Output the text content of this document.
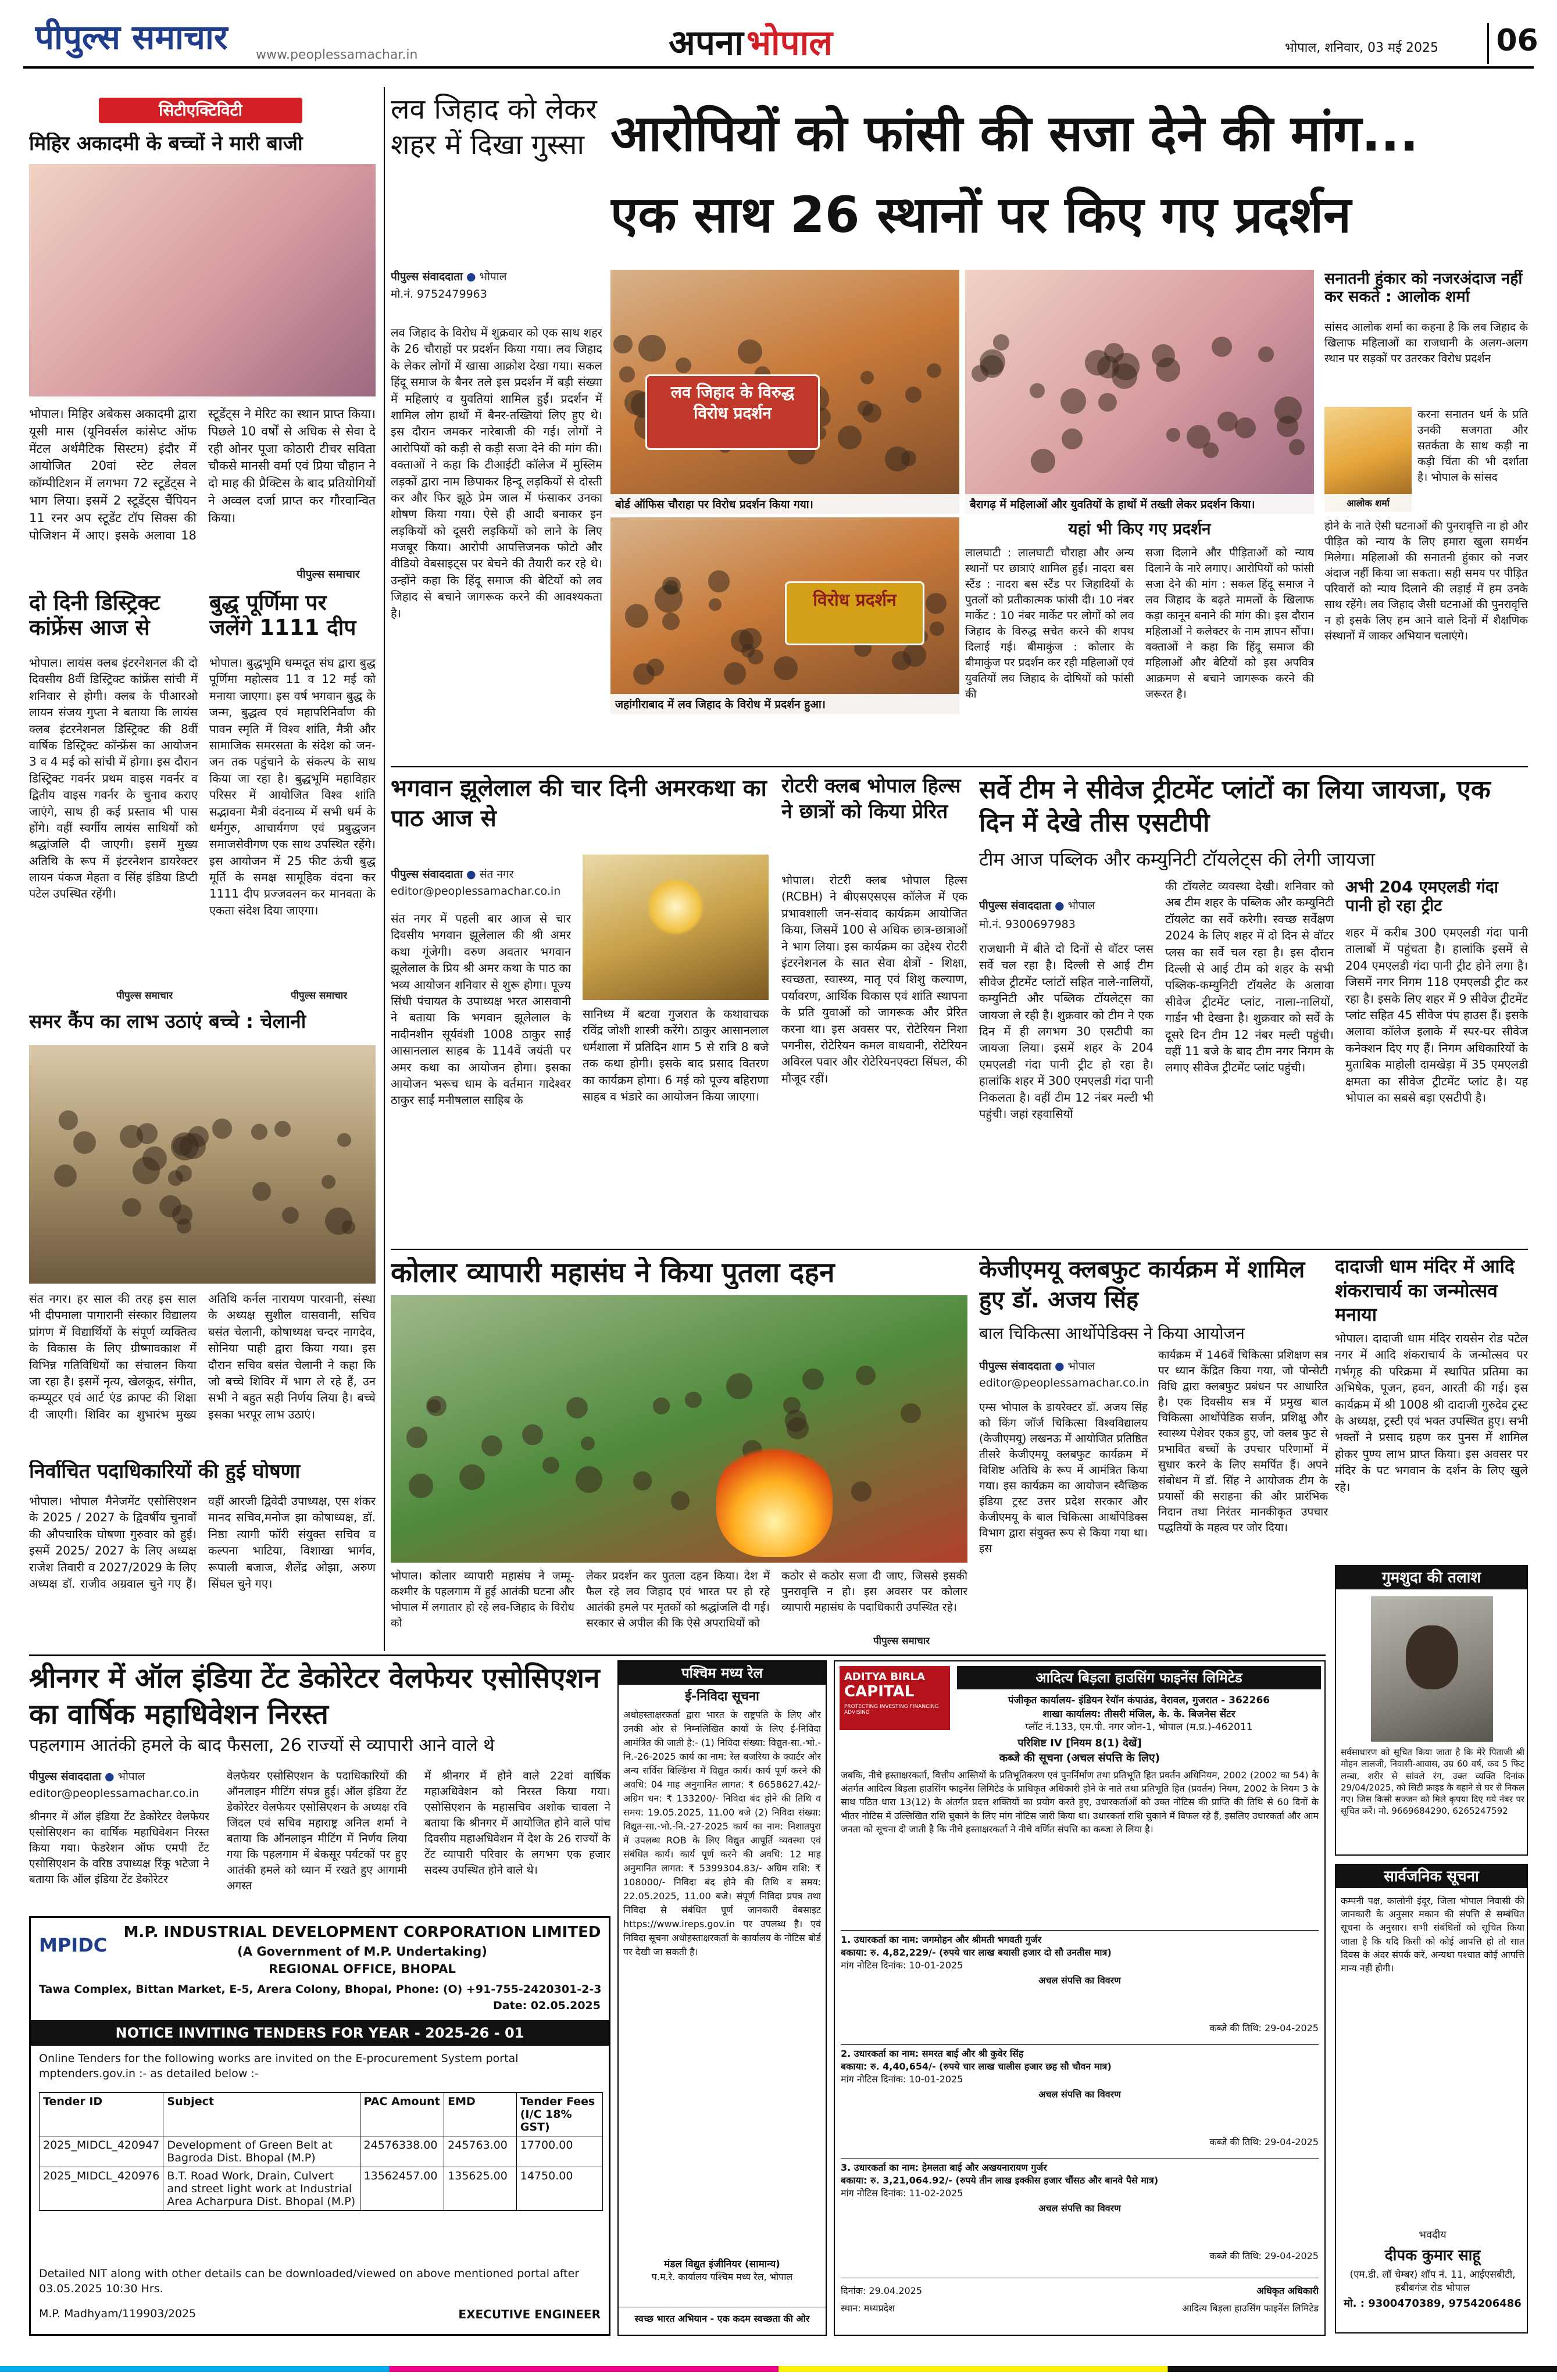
पीपुल्स समाचार	www.peoplessamachar.in	अपना भोपाल	भोपाल, शनिवार, 03 मई 2025 06
सिटीएक्टिविटी
मिहिर अकादमी के बच्चों ने मारी बाजी
भोपाल। मिहिर अबेकस अकादमी द्वारा यूसी मास (यूनिवर्सल कांसेप्ट ऑफ मेंटल अर्थमैटिक सिस्टम) इंदौर में आयोजित 20वां स्टेट लेवल कॉम्पीटिशन में लगभग 72 स्टूडेंट्स ने भाग लिया। इसमें 2 स्टूडेंट्स चैंपियन 11 रनर अप स्टूडेंट टॉप सिक्स की पोजिशन में आए। इसके अलावा 18 स्टूडेंट्स ने मेरिट का स्थान प्राप्त किया। पिछले 10 वर्षों से अधिक से सेवा दे रही ओनर पूजा कोठारी टीचर सविता चौकसे मानसी वर्मा एवं प्रिया चौहान ने दो माह की प्रैक्टिस के बाद प्रतियोगियों ने अव्वल दर्जा प्राप्त कर गौरवान्वित किया।
पीपुल्स समाचार
दो दिनी डिस्ट्रिक्ट कांफ्रेंस आज से
भोपाल। लायंस क्लब इंटरनेशनल की दो दिवसीय 8वीं डिस्ट्रिक्ट कांफ्रेंस सांची में शनिवार से होगी। क्लब के पीआरओ लायन संजय गुप्ता ने बताया कि लायंस क्लब इंटरनेशनल डिस्ट्रिक्ट की 8वीं वार्षिक डिस्ट्रिक्ट कॉन्फ्रेंस का आयोजन 3 व 4 मई को सांची में होगा। इस दौरान डिस्ट्रिक्ट गवर्नर प्रथम वाइस गवर्नर व द्वितीय वाइस गवर्नर के चुनाव कराए जाएंगे, साथ ही कई प्रस्ताव भी पास होंगे। वहीं स्वर्गीय लायंस साथियों को श्रद्धांजलि दी जाएगी। इसमें मुख्य अतिथि के रूप में इंटरनेशन डायरेक्टर लायन पंकज मेहता व सिंह इंडिया डिप्टी पटेल उपस्थित रहेंगी।
पीपुल्स समाचार
बुद्ध पूर्णिमा पर जलेंगे 1111 दीप
भोपाल। बुद्धभूमि धम्मदूत संघ द्वारा बुद्ध पूर्णिमा महोत्सव 11 व 12 मई को मनाया जाएगा। इस वर्ष भगवान बुद्ध के जन्म, बुद्धत्व एवं महापरिनिर्वाण की पावन स्मृति में विश्व शांति, मैत्री और सामाजिक समरसता के संदेश को जन-जन तक पहुंचाने के संकल्प के साथ किया जा रहा है। बुद्धभूमि महाविहार परिसर में आयोजित विश्व शांति सद्भावना मैत्री वंदनाव्य में सभी धर्म के धर्मगुरु, आचार्यगण एवं प्रबुद्धजन समाजसेवीगण एक साथ उपस्थित रहेंगे। इस आयोजन में 25 फीट ऊंची बुद्ध मूर्ति के समक्ष सामूहिक वंदना कर 1111 दीप प्रज्जवलन कर मानवता के एकता संदेश दिया जाएगा।
पीपुल्स समाचार
समर कैंप का लाभ उठाएं बच्चे : चेलानी
संत नगर। हर साल की तरह इस साल भी दीपमाला पागारानी संस्कार विद्यालय प्रांगण में विद्यार्थियों के संपूर्ण व्यक्तित्व के विकास के लिए ग्रीष्मावकाश में विभिन्न गतिविधियों का संचालन किया जा रहा है। इसमें नृत्य, खेलकूद, संगीत, कम्प्यूटर एवं आर्ट एंड क्राफ्ट की शिक्षा दी जाएगी। शिविर का शुभारंभ मुख्य अतिथि कर्नल नारायण पारवानी, संस्था के अध्यक्ष सुशील वासवानी, सचिव बसंत चेलानी, कोषाध्यक्ष चन्दर नागदेव, सोनिया पाही द्वारा किया गया। इस दौरान सचिव बसंत चेलानी ने कहा कि जो बच्चे शिविर में भाग ले रहे हैं, उन सभी ने बहुत सही निर्णय लिया है। बच्चे इसका भरपूर लाभ उठाएं।
निर्वाचित पदाधिकारियों की हुई घोषणा
भोपाल। भोपाल मैनेजमेंट एसोसिएशन के 2025 / 2027 के द्विवर्षीय चुनावों की औपचारिक घोषणा गुरुवार को हुई। इसमें 2025/ 2027 के लिए अध्यक्ष राजेश तिवारी व 2027/2029 के लिए अध्यक्ष डॉ. राजीव अग्रवाल चुने गए हैं। वहीं आरजी द्विवेदी उपाध्यक्ष, एस शंकर मानद सचिव,मनोज झा कोषाध्यक्ष, डॉ. निष्ठा त्यागी फॉरी संयुक्त सचिव व कल्पना भाटिया, विशाखा भार्गव, रूपाली बजाज, शैलेंद्र ओझा, अरुण सिंघल चुने गए।
लव जिहाद को लेकर शहर में दिखा गुस्सा
पीपुल्स संवाददाता ● भोपाल
मो.नं. 9752479963
लव जिहाद के विरोध में शुक्रवार को एक साथ शहर के 26 चौराहों पर प्रदर्शन किया गया। लव जिहाद के लेकर लोगों में खासा आक्रोश देखा गया। सकल हिंदू समाज के बैनर तले इस प्रदर्शन में बड़ी संख्या में महिलाएं व युवतियां शामिल हुईं। प्रदर्शन में शामिल लोग हाथों में बैनर-तख्तियां लिए हुए थे। इस दौरान जमकर नारेबाजी की गई। लोगों ने आरोपियों को कड़ी से कड़ी सजा देने की मांग की। वक्ताओं ने कहा कि टीआईटी कॉलेज में मुस्लिम लड़कों द्वारा नाम छिपाकर हिन्दू लड़कियों से दोस्ती कर और फिर झूठे प्रेम जाल में फंसाकर उनका शोषण किया गया। ऐसे ही आदी बनाकर इन लड़कियों को दूसरी लड़कियों को लाने के लिए मजबूर किया। आरोपी आपत्तिजनक फोटो और वीडियो वेबसाइट्स पर बेचने की तैयारी कर रहे थे। उन्होंने कहा कि हिंदू समाज की बेटियों को लव जिहाद से बचाने जागरूक करने की आवश्यकता है।
आरोपियों को फांसी की सजा देने की मांग...
एक साथ 26 स्थानों पर किए गए प्रदर्शन
लव जिहाद के विरुद्ध विरोध प्रदर्शन
बोर्ड ऑफिस चौराहा पर विरोध प्रदर्शन किया गया।	बैरागढ़ में महिलाओं और युवतियों के हाथों में तख्ती लेकर प्रदर्शन किया।
विरोध प्रदर्शन
जहांगीराबाद में लव जिहाद के विरोध में प्रदर्शन हुआ।
यहां भी किए गए प्रदर्शन
लालघाटी : लालघाटी चौराहा और अन्य स्थानों पर छात्राएं शामिल हुईं। नादरा बस स्टैंड : नादरा बस स्टैंड पर जिहादियों के पुतलों को प्रतीकात्मक फांसी दी। 10 नंबर मार्केट : 10 नंबर मार्केट पर लोगों को लव जिहाद के विरुद्ध सचेत करने की शपथ दिलाई गई। बीमाकुंज : कोलार के बीमाकुंज पर प्रदर्शन कर रही महिलाओं एवं युवतियों लव जिहाद के दोषियों को फांसी की
सजा दिलाने और पीड़िताओं को न्याय दिलाने के नारे लगाए। आरोपियों को फांसी सजा देने की मांग : सकल हिंदू समाज ने लव जिहाद के बढ़ते मामलों के खिलाफ कड़ा कानून बनाने की मांग की। इस दौरान महिलाओं ने कलेक्टर के नाम ज्ञापन सौंपा। वक्ताओं ने कहा कि हिंदू समाज की महिलाओं और बेटियों को इस अपवित्र आक्रमण से बचाने जागरूक करने की जरूरत है।
सनातनी हुंकार को नजरअंदाज नहीं कर सकते : आलोक शर्मा
सांसद आलोक शर्मा का कहना है कि लव जिहाद के खिलाफ महिलाओं का राजधानी के अलग-अलग स्थान पर सड़कों पर उतरकर विरोध प्रदर्शन
आलोक शर्मा
करना सनातन धर्म के प्रति उनकी सजगता और सतर्कता के साथ कड़ी ना कड़ी चिंता की भी दर्शाता है। भोपाल के सांसद
होने के नाते ऐसी घटनाओं की पुनरावृत्ति ना हो और पीड़ित को न्याय के लिए हमारा खुला समर्थन मिलेगा। महिलाओं की सनातनी हुंकार को नजर अंदाज नहीं किया जा सकता। सही समय पर पीड़ित परिवारों को न्याय दिलाने की लड़ाई में हम उनके साथ रहेंगे। लव जिहाद जैसी घटनाओं की पुनरावृत्ति न हो इसके लिए हम आने वाले दिनों में शैक्षणिक संस्थानों में जाकर अभियान चलाएंगे।
भगवान झूलेलाल की चार दिनी अमरकथा का पाठ आज से
पीपुल्स संवाददाता ● संत नगर
editor@peoplessamachar.co.in
संत नगर में पहली बार आज से चार दिवसीय भगवान झूलेलाल की श्री अमर कथा गूंजेगी। वरुण अवतार भगवान झूलेलाल के प्रिय श्री अमर कथा के पाठ का भव्य आयोजन शनिवार से शुरू होगा। पूज्य सिंधी पंचायत के उपाध्यक्ष भरत आसवानी ने बताया कि भगवान झूलेलाल के नादीनशीन सूर्यवंशी 1008 ठाकुर साईं आसानलाल साहब के 114वें जयंती पर अमर कथा का आयोजन होगा। इसका आयोजन भरूच धाम के वर्तमान गादेश्वर ठाकुर साईं मनीषलाल साहिब के
सानिध्य में बटवा गुजरात के कथावाचक रविंद्र जोशी शास्त्री करेंगे। ठाकुर आसानलाल धर्मशाला में प्रतिदिन शाम 5 से रात्रि 8 बजे तक कथा होगी। इसके बाद प्रसाद वितरण का कार्यक्रम होगा। 6 मई को पूज्य बहिराणा साहब व भंडारे का आयोजन किया जाएगा।
रोटरी क्लब भोपाल हिल्स ने छात्रों को किया प्रेरित
भोपाल। रोटरी क्लब भोपाल हिल्स (RCBH) ने बीएसएसएस कॉलेज में एक प्रभावशाली जन-संवाद कार्यक्रम आयोजित किया, जिसमें 100 से अधिक छात्र-छात्राओं ने भाग लिया। इस कार्यक्रम का उद्देश्य रोटरी इंटरनेशनल के सात सेवा क्षेत्रों - शिक्षा, स्वच्छता, स्वास्थ्य, मातृ एवं शिशु कल्याण, पर्यावरण, आर्थिक विकास एवं शांति स्थापना के प्रति युवाओं को जागरूक और प्रेरित करना था। इस अवसर पर, रोटेरियन निशा पगनीस, रोटेरियन कमल वाधवानी, रोटेरियन अविरल पवार और रोटेरियनएक्टा सिंघल, की मौजूद रहीं।
सर्वे टीम ने सीवेज ट्रीटमेंट प्लांटों का लिया जायजा, एक दिन में देखे तीस एसटीपी
टीम आज पब्लिक और कम्युनिटी टॉयलेट्स की लेगी जायजा
पीपुल्स संवाददाता ● भोपाल
मो.नं. 9300697983
राजधानी में बीते दो दिनों से वॉटर प्लस सर्वे चल रहा है। दिल्ली से आई टीम सीवेज ट्रीटमेंट प्लांटों सहित नाले-नालियों, कम्युनिटी और पब्लिक टॉयलेट्स का जायजा ले रही है। शुक्रवार को टीम ने एक दिन में ही लगभग 30 एसटीपी का जायजा लिया। इसमें शहर के 204 एमएलडी गंदा पानी ट्रीट हो रहा है। हालांकि शहर में 300 एमएलडी गंदा पानी निकलता है। वहीं टीम 12 नंबर मल्टी भी पहुंची। जहां रहवासियों
की टॉयलेट व्यवस्था देखी। शनिवार को अब टीम शहर के पब्लिक और कम्युनिटी टॉयलेट का सर्वे करेगी। स्वच्छ सर्वेक्षण 2024 के लिए शहर में दो दिन से वॉटर प्लस का सर्वे चल रहा है। इस दौरान दिल्ली से आई टीम को शहर के सभी पब्लिक-कम्युनिटी टॉयलेट के अलावा सीवेज ट्रीटमेंट प्लांट, नाला-नालियों, गार्डन भी देखना है। शुक्रवार को सर्वे के दूसरे दिन टीम 12 नंबर मल्टी पहुंची। वहीं 11 बजे के बाद टीम नगर निगम के लगाए सीवेज ट्रीटमेंट प्लांट पहुंची।
अभी 204 एमएलडी गंदा पानी हो रहा ट्रीट
शहर में करीब 300 एमएलडी गंदा पानी तालाबों में पहुंचता है। हालांकि इसमें से 204 एमएलडी गंदा पानी ट्रीट होने लगा है। जिसमें नगर निगम 118 एमएलडी ट्रीट कर रहा है। इसके लिए शहर में 9 सीवेज ट्रीटमेंट प्लांट सहित 45 सीवेज पंप हाउस हैं। इसके अलावा कॉलेज इलाके में स्पर-घर सीवेज कनेक्शन दिए गए हैं। निगम अधिकारियों के मुताबिक माहोली दामखेड़ा में 35 एमएलडी क्षमता का सीवेज ट्रीटमेंट प्लांट है। यह भोपाल का सबसे बड़ा एसटीपी है।
कोलार व्यापारी महासंघ ने किया पुतला दहन
भोपाल। कोलार व्यापारी महासंघ ने जम्मू-कश्मीर के पहलगाम में हुई आतंकी घटना और भोपाल में लगातार हो रहे लव-जिहाद के विरोध को
लेकर प्रदर्शन कर पुतला दहन किया। देश में फैल रहे लव जिहाद एवं भारत पर हो रहे आतंकी हमले पर मृतकों को श्रद्धांजलि दी गई। सरकार से अपील की कि ऐसे अपराधियों को
कठोर से कठोर सजा दी जाए, जिससे इसकी पुनरावृत्ति न हो। इस अवसर पर कोलार व्यापारी महासंघ के पदाधिकारी उपस्थित रहे।
पीपुल्स समाचार
केजीएमयू क्लबफुट कार्यक्रम में शामिल हुए डॉ. अजय सिंह
बाल चिकित्सा आर्थोपेडिक्स ने किया आयोजन
पीपुल्स संवाददाता ● भोपाल
editor@peoplessamachar.co.in
एम्स भोपाल के डायरेक्टर डॉ. अजय सिंह को किंग जॉर्ज चिकित्सा विश्वविद्यालय (केजीएमयू) लखनऊ में आयोजित प्रतिष्ठित तीसरे केजीएमयू क्लबफुट कार्यक्रम में विशिष्ट अतिथि के रूप में आमंत्रित किया गया। इस कार्यक्रम का आयोजन स्वैच्छिक इंडिया ट्रस्ट उत्तर प्रदेश सरकार और केजीएमयू के बाल चिकित्सा आर्थोपेडिक्स विभाग द्वारा संयुक्त रूप से किया गया था। इस
कार्यक्रम में 146वें चिकित्सा प्रशिक्षण सत्र पर ध्यान केंद्रित किया गया, जो पोन्सेटी विधि द्वारा क्लबफुट प्रबंधन पर आधारित है। एक दिवसीय सत्र में प्रमुख बाल चिकित्सा आर्थोपेडिक सर्जन, प्रशिक्षु और स्वास्थ्य पेशेवर एकत्र हुए, जो क्लब फुट से प्रभावित बच्चों के उपचार परिणामों में सुधार करने के लिए समर्पित हैं। अपने संबोधन में डॉ. सिंह ने आयोजक टीम के प्रयासों की सराहना की और प्रारंभिक निदान तथा निरंतर मानकीकृत उपचार पद्धतियों के महत्व पर जोर दिया।
दादाजी धाम मंदिर में आदि शंकराचार्य का जन्मोत्सव मनाया
भोपाल। दादाजी धाम मंदिर रायसेन रोड पटेल नगर में आदि शंकराचार्य के जन्मोत्सव पर गर्भगृह की परिक्रमा में स्थापित प्रतिमा का अभिषेक, पूजन, हवन, आरती की गई। इस कार्यक्रम में श्री 1008 श्री दादाजी गुरुदेव ट्रस्ट के अध्यक्ष, ट्रस्टी एवं भक्त उपस्थित हुए। सभी भक्तों ने प्रसाद ग्रहण कर पुनस में शामिल होकर पुण्य लाभ प्राप्त किया। इस अवसर पर मंदिर के पट भगवान के दर्शन के लिए खुले रहे।
गुमशुदा की तलाश
सर्वसाधारण को सूचित किया जाता है कि मेरे पिताजी श्री मोहन लालजी, निवासी-आवास, उम्र 60 वर्ष, कद 5 फिट लम्बा, शरीर से सांवले रंग, उक्त व्यक्ति दिनांक 29/04/2025, को सिटी फ्राइड के बहाने से घर से निकल गए। जिस किसी सज्जन को मिले कृपया दिए गये नंबर पर सूचित करें। मो. 9669684290, 6265247592
सार्वजनिक सूचना
कम्पनी पक्ष, कालोनी इंदूर, जिला भोपाल निवासी की जानकारी के अनुसार मकान की संपत्ति से सम्बंधित सूचना के अनुसार। सभी संबंधितों को सूचित किया जाता है कि यदि किसी को कोई आपत्ति हो तो सात दिवस के अंदर संपर्क करें, अन्यथा पश्चात कोई आपत्ति मान्य नहीं होगी।
भवदीय
दीपक कुमार साहू
(एम.डी. लॉ चेम्बर) शॉप नं. 11, आईएसबीटी, हबीबगंज रोड भोपाल
मो. : 9300470389, 9754206486
श्रीनगर में ऑल इंडिया टेंट डेकोरेटर वेलफेयर एसोसिएशन का वार्षिक महाधिवेशन निरस्त
पहलगाम आतंकी हमले के बाद फैसला, 26 राज्यों से व्यापारी आने वाले थे
पीपुल्स संवाददाता ● भोपाल
editor@peoplessamachar.co.in
श्रीनगर में ऑल इंडिया टेंट डेकोरेटर वेलफेयर एसोसिएशन का वार्षिक महाधिवेशन निरस्त किया गया। फेडरेशन ऑफ एमपी टेंट एसोसिएशन के वरिष्ठ उपाध्यक्ष रिंकू भटेजा ने बताया कि ऑल इंडिया टेंट डेकोरेटर
वेलफेयर एसोसिएशन के पदाधिकारियों की ऑनलाइन मीटिंग संपन्न हुई। ऑल इंडिया टेंट डेकोरेटर वेलफेयर एसोसिएशन के अध्यक्ष रवि जिंदल एवं सचिव महाराष्ट्र अनिल शर्मा ने बताया कि ऑनलाइन मीटिंग में निर्णय लिया गया कि पहलगाम में बेकसूर पर्यटकों पर हुए आतंकी हमले को ध्यान में रखते हुए आगामी अगस्त
में श्रीनगर में होने वाले 22वां वार्षिक महाअधिवेशन को निरस्त किया गया। एसोसिएशन के महासचिव अशोक चावला ने बताया कि श्रीनगर में आयोजित होने वाले पांच दिवसीय महाअधिवेशन में देश के 26 राज्यों के टेंट व्यापारी परिवार के लगभग एक हजार सदस्य उपस्थित होने वाले थे।
MPIDC
M.P. INDUSTRIAL DEVELOPMENT CORPORATION LIMITED
(A Government of M.P. Undertaking)
REGIONAL OFFICE, BHOPAL
Tawa Complex, Bittan Market, E-5, Arera Colony, Bhopal, Phone: (O) +91-755-2420301-2-3
Date: 02.05.2025
NOTICE INVITING TENDERS FOR YEAR - 2025-26 - 01
Online Tenders for the following works are invited on the E-procurement System portal mptenders.gov.in :- as detailed below :-
Tender ID	Subject	PAC Amount	EMD	Tender Fees (I/C 18% GST)
2025_MIDCL_420947	Development of Green Belt at Bagroda Dist. Bhopal (M.P)	24576338.00	245763.00	17700.00
2025_MIDCL_420976	B.T. Road Work, Drain, Culvert and street light work at Industrial Area Acharpura Dist. Bhopal (M.P)	13562457.00	135625.00	14750.00
Detailed NIT along with other details can be downloaded/viewed on above mentioned portal after 03.05.2025 10:30 Hrs.
M.P. Madhyam/119903/2025	EXECUTIVE ENGINEER
पश्चिम मध्य रेल
ई-निविदा सूचना
अधोहस्ताक्षरकर्ता द्वारा भारत के राष्ट्रपति के लिए और उनकी ओर से निम्नलिखित कार्यों के लिए ई-निविदा आमंत्रित की जाती है:- (1) निविदा संख्या: विद्युत-सा.-भो.-नि.-26-2025 कार्य का नाम: रेल बजरिया के क्वार्टर और अन्य सर्विस बिल्डिंग्स में विद्युत कार्य। कार्य पूर्ण करने की अवधि: 04 माह अनुमानित लागत: ₹ 6658627.42/- अग्रिम धन: ₹ 133200/- निविदा बंद होने की तिथि व समय: 19.05.2025, 11.00 बजे (2) निविदा संख्या: विद्युत-सा.-भो.-नि.-27-2025 कार्य का नाम: निशातपुरा में उपलब्ध ROB के लिए विद्युत आपूर्ति व्यवस्था एवं संबंधित कार्य। कार्य पूर्ण करने की अवधि: 12 माह अनुमानित लागत: ₹ 5399304.83/- अग्रिम राशि: ₹ 108000/- निविदा बंद होने की तिथि व समय: 22.05.2025, 11.00 बजे। संपूर्ण निविदा प्रपत्र तथा निविदा से संबंधित पूर्ण जानकारी वेबसाइट https://www.ireps.gov.in पर उपलब्ध है। एवं निविदा सूचना अधोहस्ताक्षरकर्ता के कार्यालय के नोटिस बोर्ड पर देखी जा सकती है।
मंडल विद्युत इंजीनियर (सामान्य)
प.म.रे. कार्यालय पश्चिम मध्य रेल, भोपाल
स्वच्छ भारत अभियान - एक कदम स्वच्छता की ओर
ADITYA BIRLA
CAPITAL
PROTECTING INVESTING FINANCING ADVISING
आदित्य बिड़ला हाउसिंग फाइनेंस लिमिटेड
पंजीकृत कार्यालय- इंडियन रेयॉन कंपाउंड, वेरावल, गुजरात - 362266
शाखा कार्यालय: तीसरी मंजिल, के. के. बिजनेस सेंटर
प्लॉट नं.133, एम.पी. नगर जोन-1, भोपाल (म.प्र.)-462011
परिशिष्ट IV [नियम 8(1) देखें]
कब्जे की सूचना (अचल संपत्ति के लिए)
जबकि, नीचे हस्ताक्षरकर्ता, वित्तीय आस्तियों के प्रतिभूतिकरण एवं पुनर्निर्माण तथा प्रतिभूति हित प्रवर्तन अधिनियम, 2002 (2002 का 54) के अंतर्गत आदित्य बिड़ला हाउसिंग फाइनेंस लिमिटेड के प्राधिकृत अधिकारी होने के नाते तथा प्रतिभूति हित (प्रवर्तन) नियम, 2002 के नियम 3 के साथ पठित धारा 13(12) के अंतर्गत प्रदत्त शक्तियों का प्रयोग करते हुए, उधारकर्ताओं को उक्त नोटिस की प्राप्ति की तिथि से 60 दिनों के भीतर नोटिस में उल्लिखित राशि चुकाने के लिए मांग नोटिस जारी किया था। उधारकर्ता राशि चुकाने में विफल रहे हैं, इसलिए उधारकर्ता और आम जनता को सूचना दी जाती है कि नीचे हस्ताक्षरकर्ता ने नीचे वर्णित संपत्ति का कब्जा ले लिया है।
1. उधारकर्ता का नाम: जगमोहन और श्रीमती भगवती गुर्जर
बकाया: रु. 4,82,229/- (रुपये चार लाख बयासी हजार दो सौ उनतीस मात्र)
मांग नोटिस दिनांक: 10-01-2025
अचल संपत्ति का विवरण
कब्जे की तिथि: 29-04-2025
2. उधारकर्ता का नाम: समरत बाई और श्री कुवेर सिंह
बकाया: रु. 4,40,654/- (रुपये चार लाख चालीस हजार छह सौ चौवन मात्र)
मांग नोटिस दिनांक: 10-01-2025
अचल संपत्ति का विवरण
कब्जे की तिथि: 29-04-2025
3. उधारकर्ता का नाम: हेमलता बाई और अखयनारायण गुर्जर
बकाया: रु. 3,21,064.92/- (रुपये तीन लाख इक्कीस हजार चौंसठ और बानवे पैसे मात्र)
मांग नोटिस दिनांक: 11-02-2025
अचल संपत्ति का विवरण
कब्जे की तिथि: 29-04-2025
दिनांक: 29.04.2025
स्थान: मध्यप्रदेश
अधिकृत अधिकारी
आदित्य बिड़ला हाउसिंग फाइनेंस लिमिटेड
